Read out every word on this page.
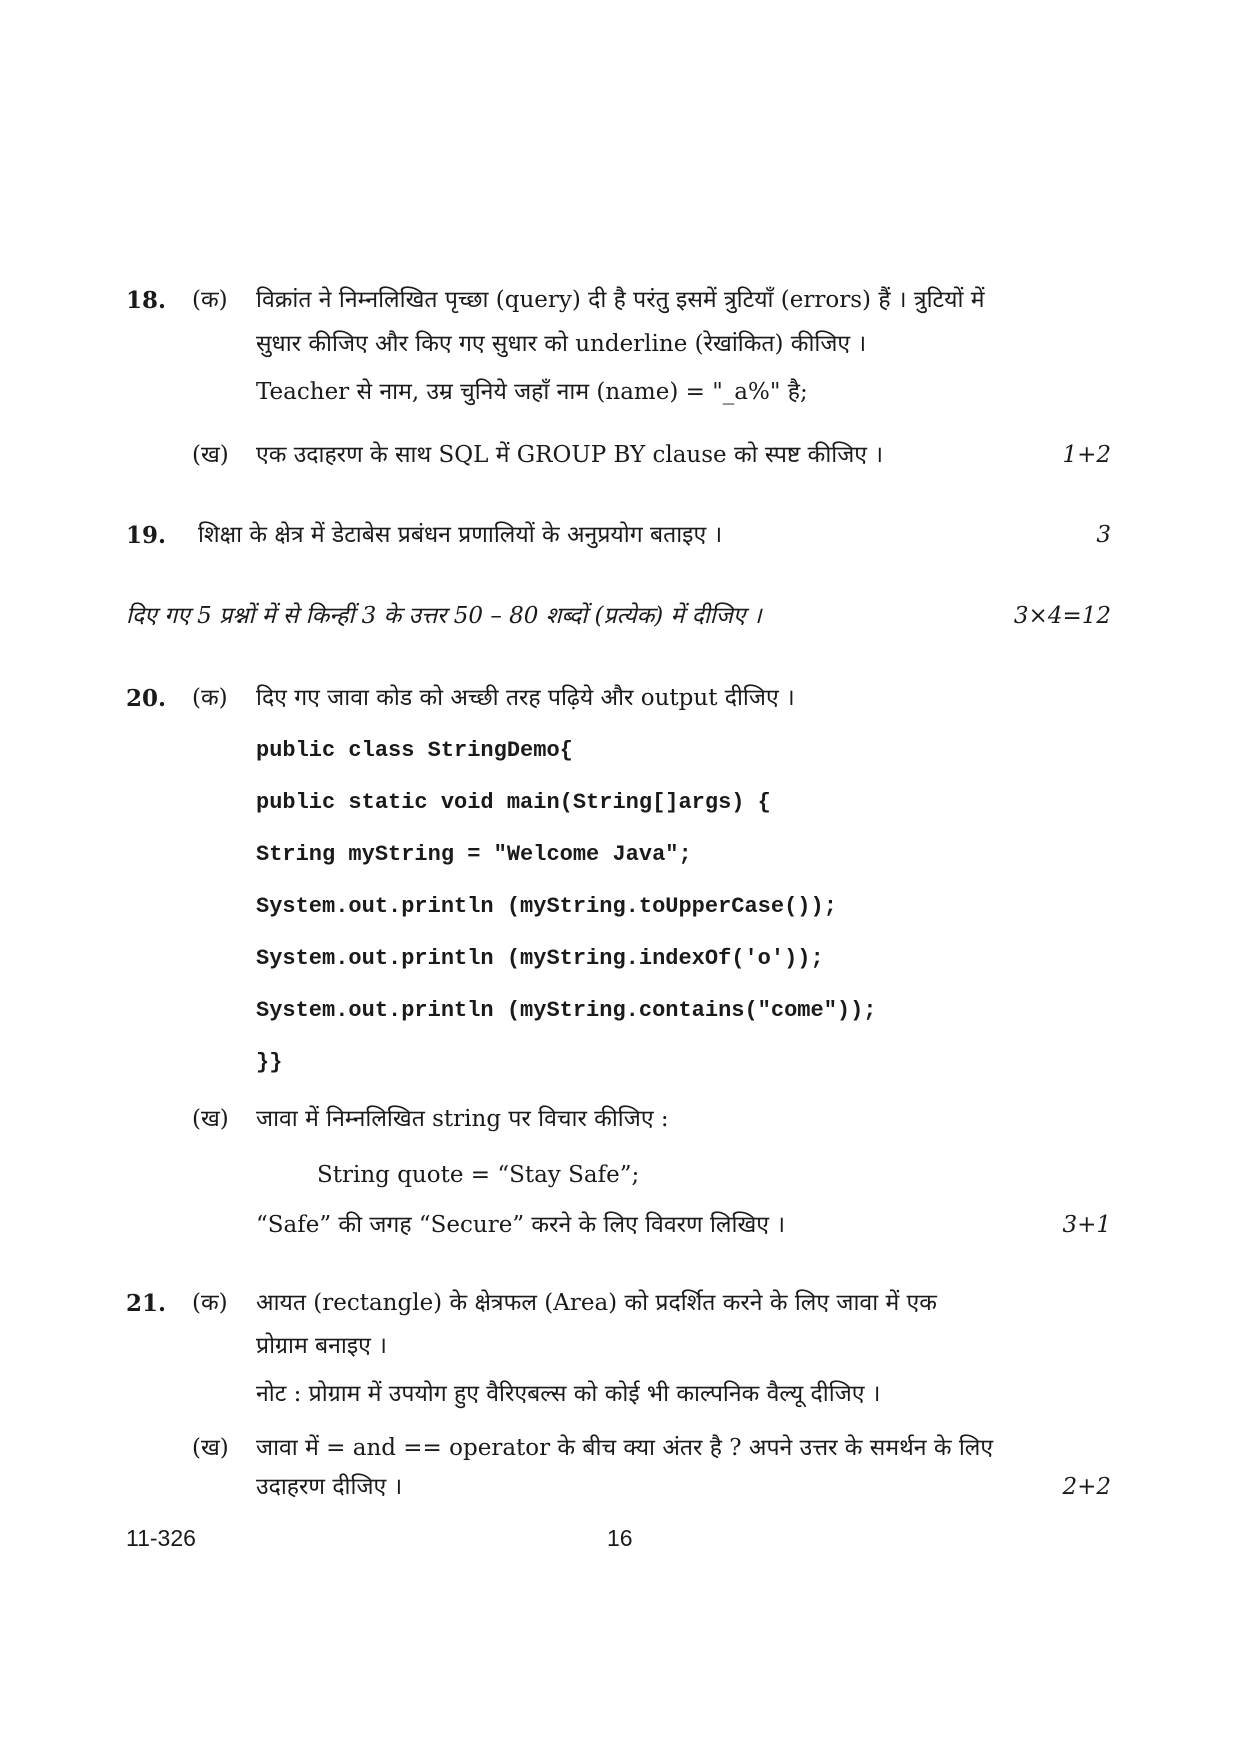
18. (क) विक्रांत ने निम्नलिखित पृच्छा (query) दी है परंतु इसमें त्रुटियाँ (errors) हैं । त्रुटियों में
सुधार कीजिए और किए गए सुधार को underline (रेखांकित) कीजिए ।
Teacher से नाम, उम्र चुनिये जहाँ नाम (name) = "_a%" है;
(ख) एक उदाहरण के साथ SQL में GROUP BY clause को स्पष्ट कीजिए ।	1+2
19. शिक्षा के क्षेत्र में डेटाबेस प्रबंधन प्रणालियों के अनुप्रयोग बताइए ।	3
दिए गए 5 प्रश्नों में से किन्हीं 3 के उत्तर 50 – 80 शब्दों (प्रत्येक) में दीजिए ।	3×4=12
20. (क) दिए गए जावा कोड को अच्छी तरह पढ़िये और output दीजिए ।
public class StringDemo{
public static void main(String[]args) {
String myString = "Welcome Java";
System.out.println (myString.toUpperCase());
System.out.println (myString.indexOf('o'));
System.out.println (myString.contains("come"));
}}
(ख) जावा में निम्नलिखित string पर विचार कीजिए :
String quote = “Stay Safe”;
“Safe” की जगह “Secure” करने के लिए विवरण लिखिए ।	3+1
21. (क) आयत (rectangle) के क्षेत्रफल (Area) को प्रदर्शित करने के लिए जावा में एक
प्रोग्राम बनाइए ।
नोट : प्रोग्राम में उपयोग हुए वैरिएबल्स को कोई भी काल्पनिक वैल्यू दीजिए ।
(ख) जावा में = and == operator के बीच क्या अंतर है ? अपने उत्तर के समर्थन के लिए
उदाहरण दीजिए ।	2+2
11-326	16
